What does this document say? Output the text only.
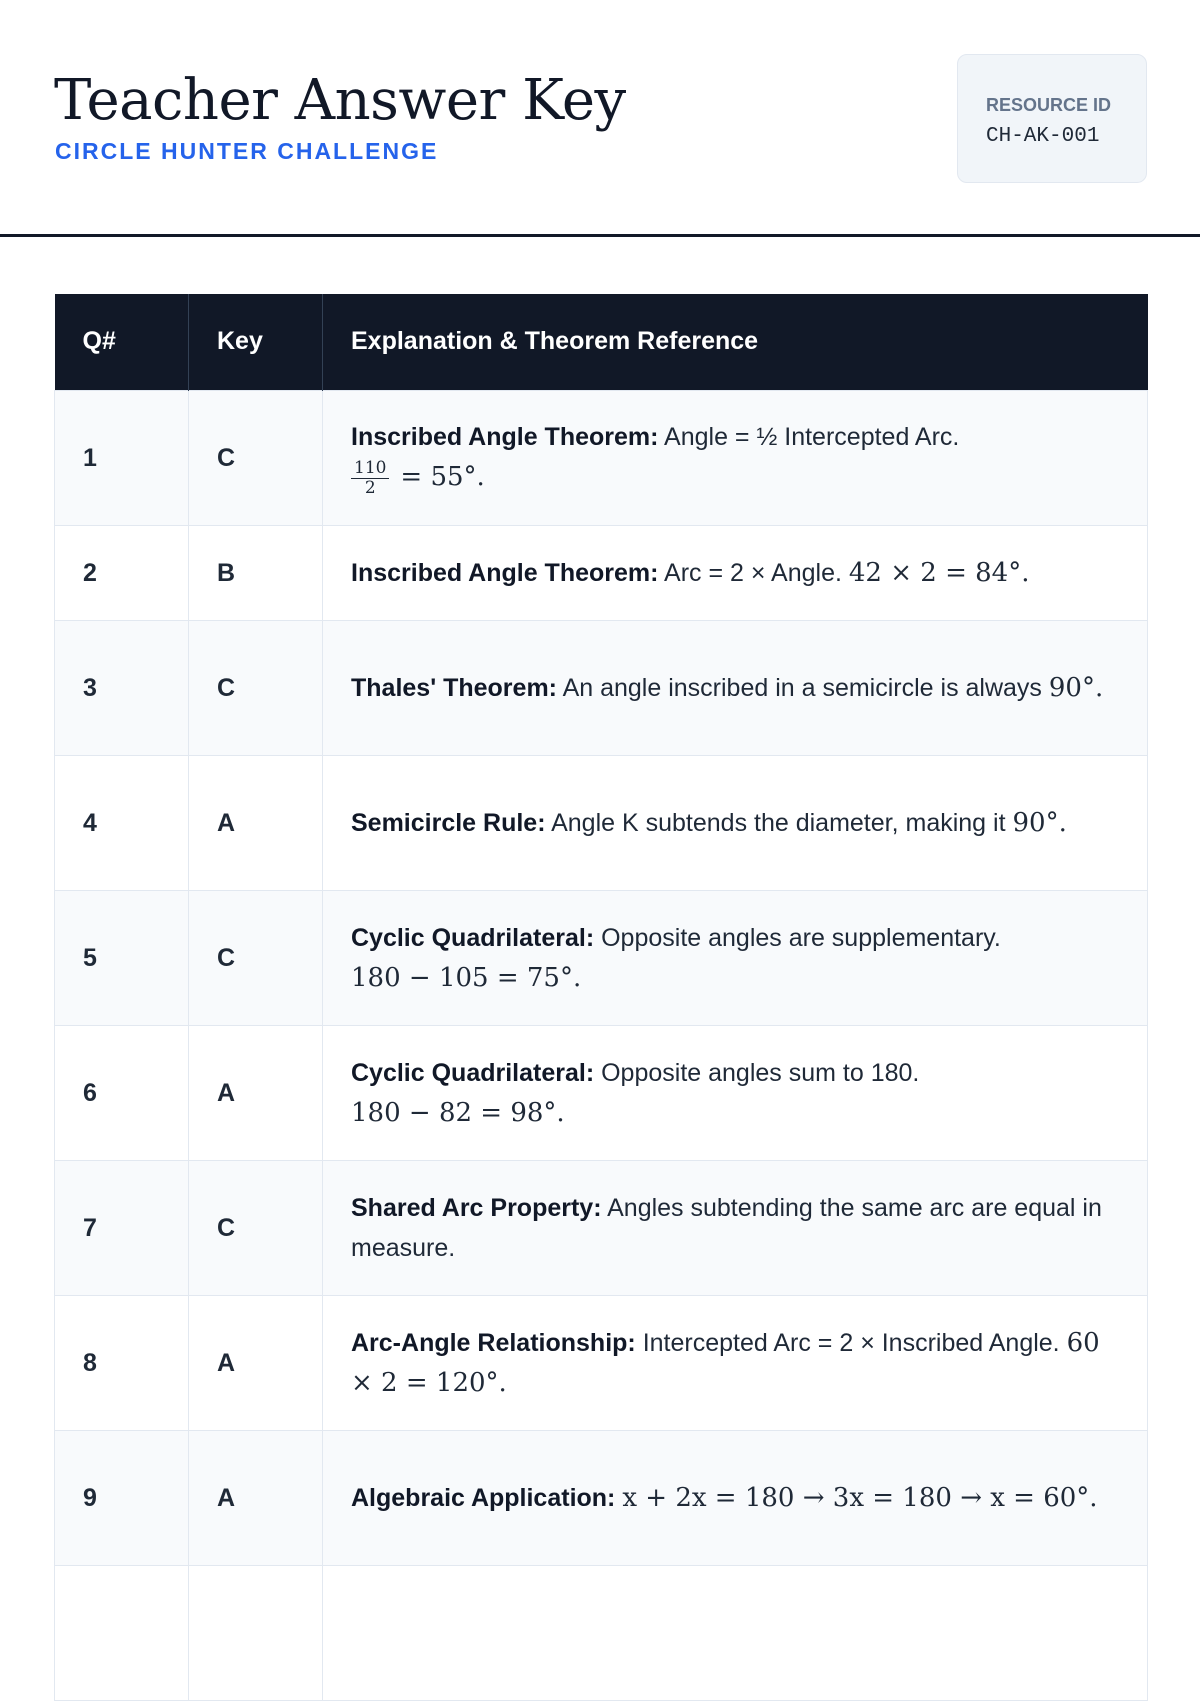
Teacher Answer Key
CIRCLE HUNTER CHALLENGE
RESOURCE ID
CH-AK-001
Q#	Key	Explanation & Theorem Reference
1	C	Inscribed Angle Theorem: Angle = ½ Intercepted Arc.

$\frac{110}{2} = 55^\circ$.
2	B	Inscribed Angle Theorem: Arc = 2 × Angle. 42 × 2 = 84°.
3	C	Thales' Theorem: An angle inscribed in a semicircle is always 90°.
4	A	Semicircle Rule: Angle K subtends the diameter, making it 90°.
5	C	Cyclic Quadrilateral: Opposite angles are supplementary.
180 − 105 = 75°.
6	A	Cyclic Quadrilateral: Opposite angles sum to 180.
180 − 82 = 98°.
7	C	Shared Arc Property: Angles subtending the same arc are equal in measure.
8	A	Arc-Angle Relationship: Intercepted Arc = 2 × Inscribed Angle. 60 × 2 = 120°.
9	A	Algebraic Application: x + 2x = 180 → 3x = 180 → x = 60°.
